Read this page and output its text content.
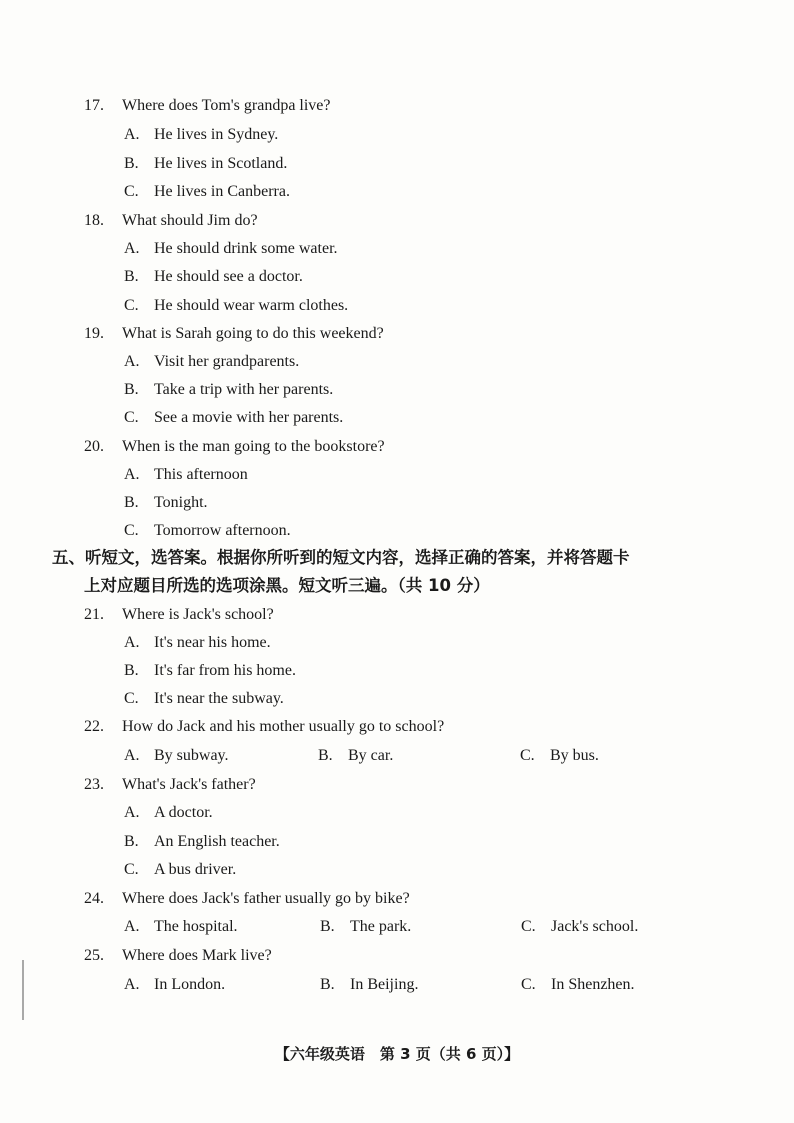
17. Where does Tom's grandpa live?
A. He lives in Sydney.
B. He lives in Scotland.
C. He lives in Canberra.
18. What should Jim do?
A. He should drink some water.
B. He should see a doctor.
C. He should wear warm clothes.
19. What is Sarah going to do this weekend?
A. Visit her grandparents.
B. Take a trip with her parents.
C. See a movie with her parents.
20. When is the man going to the bookstore?
A. This afternoon
B. Tonight.
C. Tomorrow afternoon.
五、听短文，选答案。根据你所听到的短文内容，选择正确的答案，并将答题卡
上对应题目所选的选项涂黑。短文听三遍。（共 10 分）
21. Where is Jack's school?
A. It's near his home.
B. It's far from his home.
C. It's near the subway.
22. How do Jack and his mother usually go to school?
A. By subway.	B. By car.	C. By bus.
23. What's Jack's father?
A. A doctor.
B. An English teacher.
C. A bus driver.
24. Where does Jack's father usually go by bike?
A. The hospital.	B. The park.	C. Jack's school.
25. Where does Mark live?
A. In London.	B. In Beijing.	C. In Shenzhen.
【六年级英语　第 3 页（共 6 页）】
